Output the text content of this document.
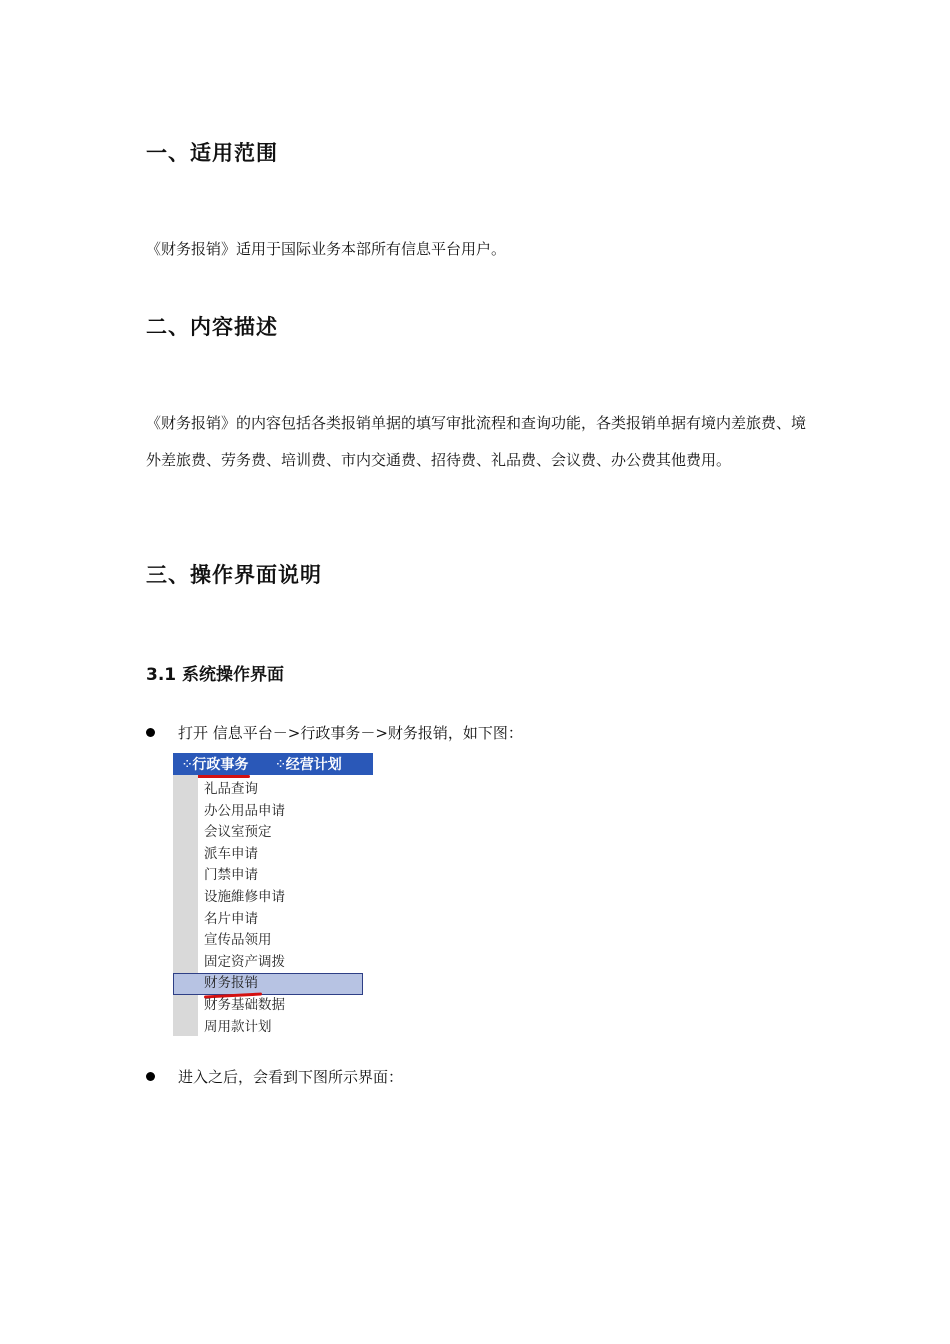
一、适用范围
《财务报销》适用于国际业务本部所有信息平台用户。
二、内容描述
《财务报销》的内容包括各类报销单据的填写审批流程和查询功能，各类报销单据有境内差旅费、境外差旅费、劳务费、培训费、市内交通费、招待费、礼品费、会议费、办公费其他费用。
三、操作界面说明
3.1 系统操作界面
打开 信息平台－>行政事务－>财务报销，如下图：
⁘ 行政事务	⁘ 经营计划
礼品查询
办公用品申请
会议室预定
派车申请
门禁申请
设施維修申请
名片申请
宣传品领用
固定资产调拨
财务报销
财务基础数据
周用款计划
进入之后，会看到下图所示界面：
